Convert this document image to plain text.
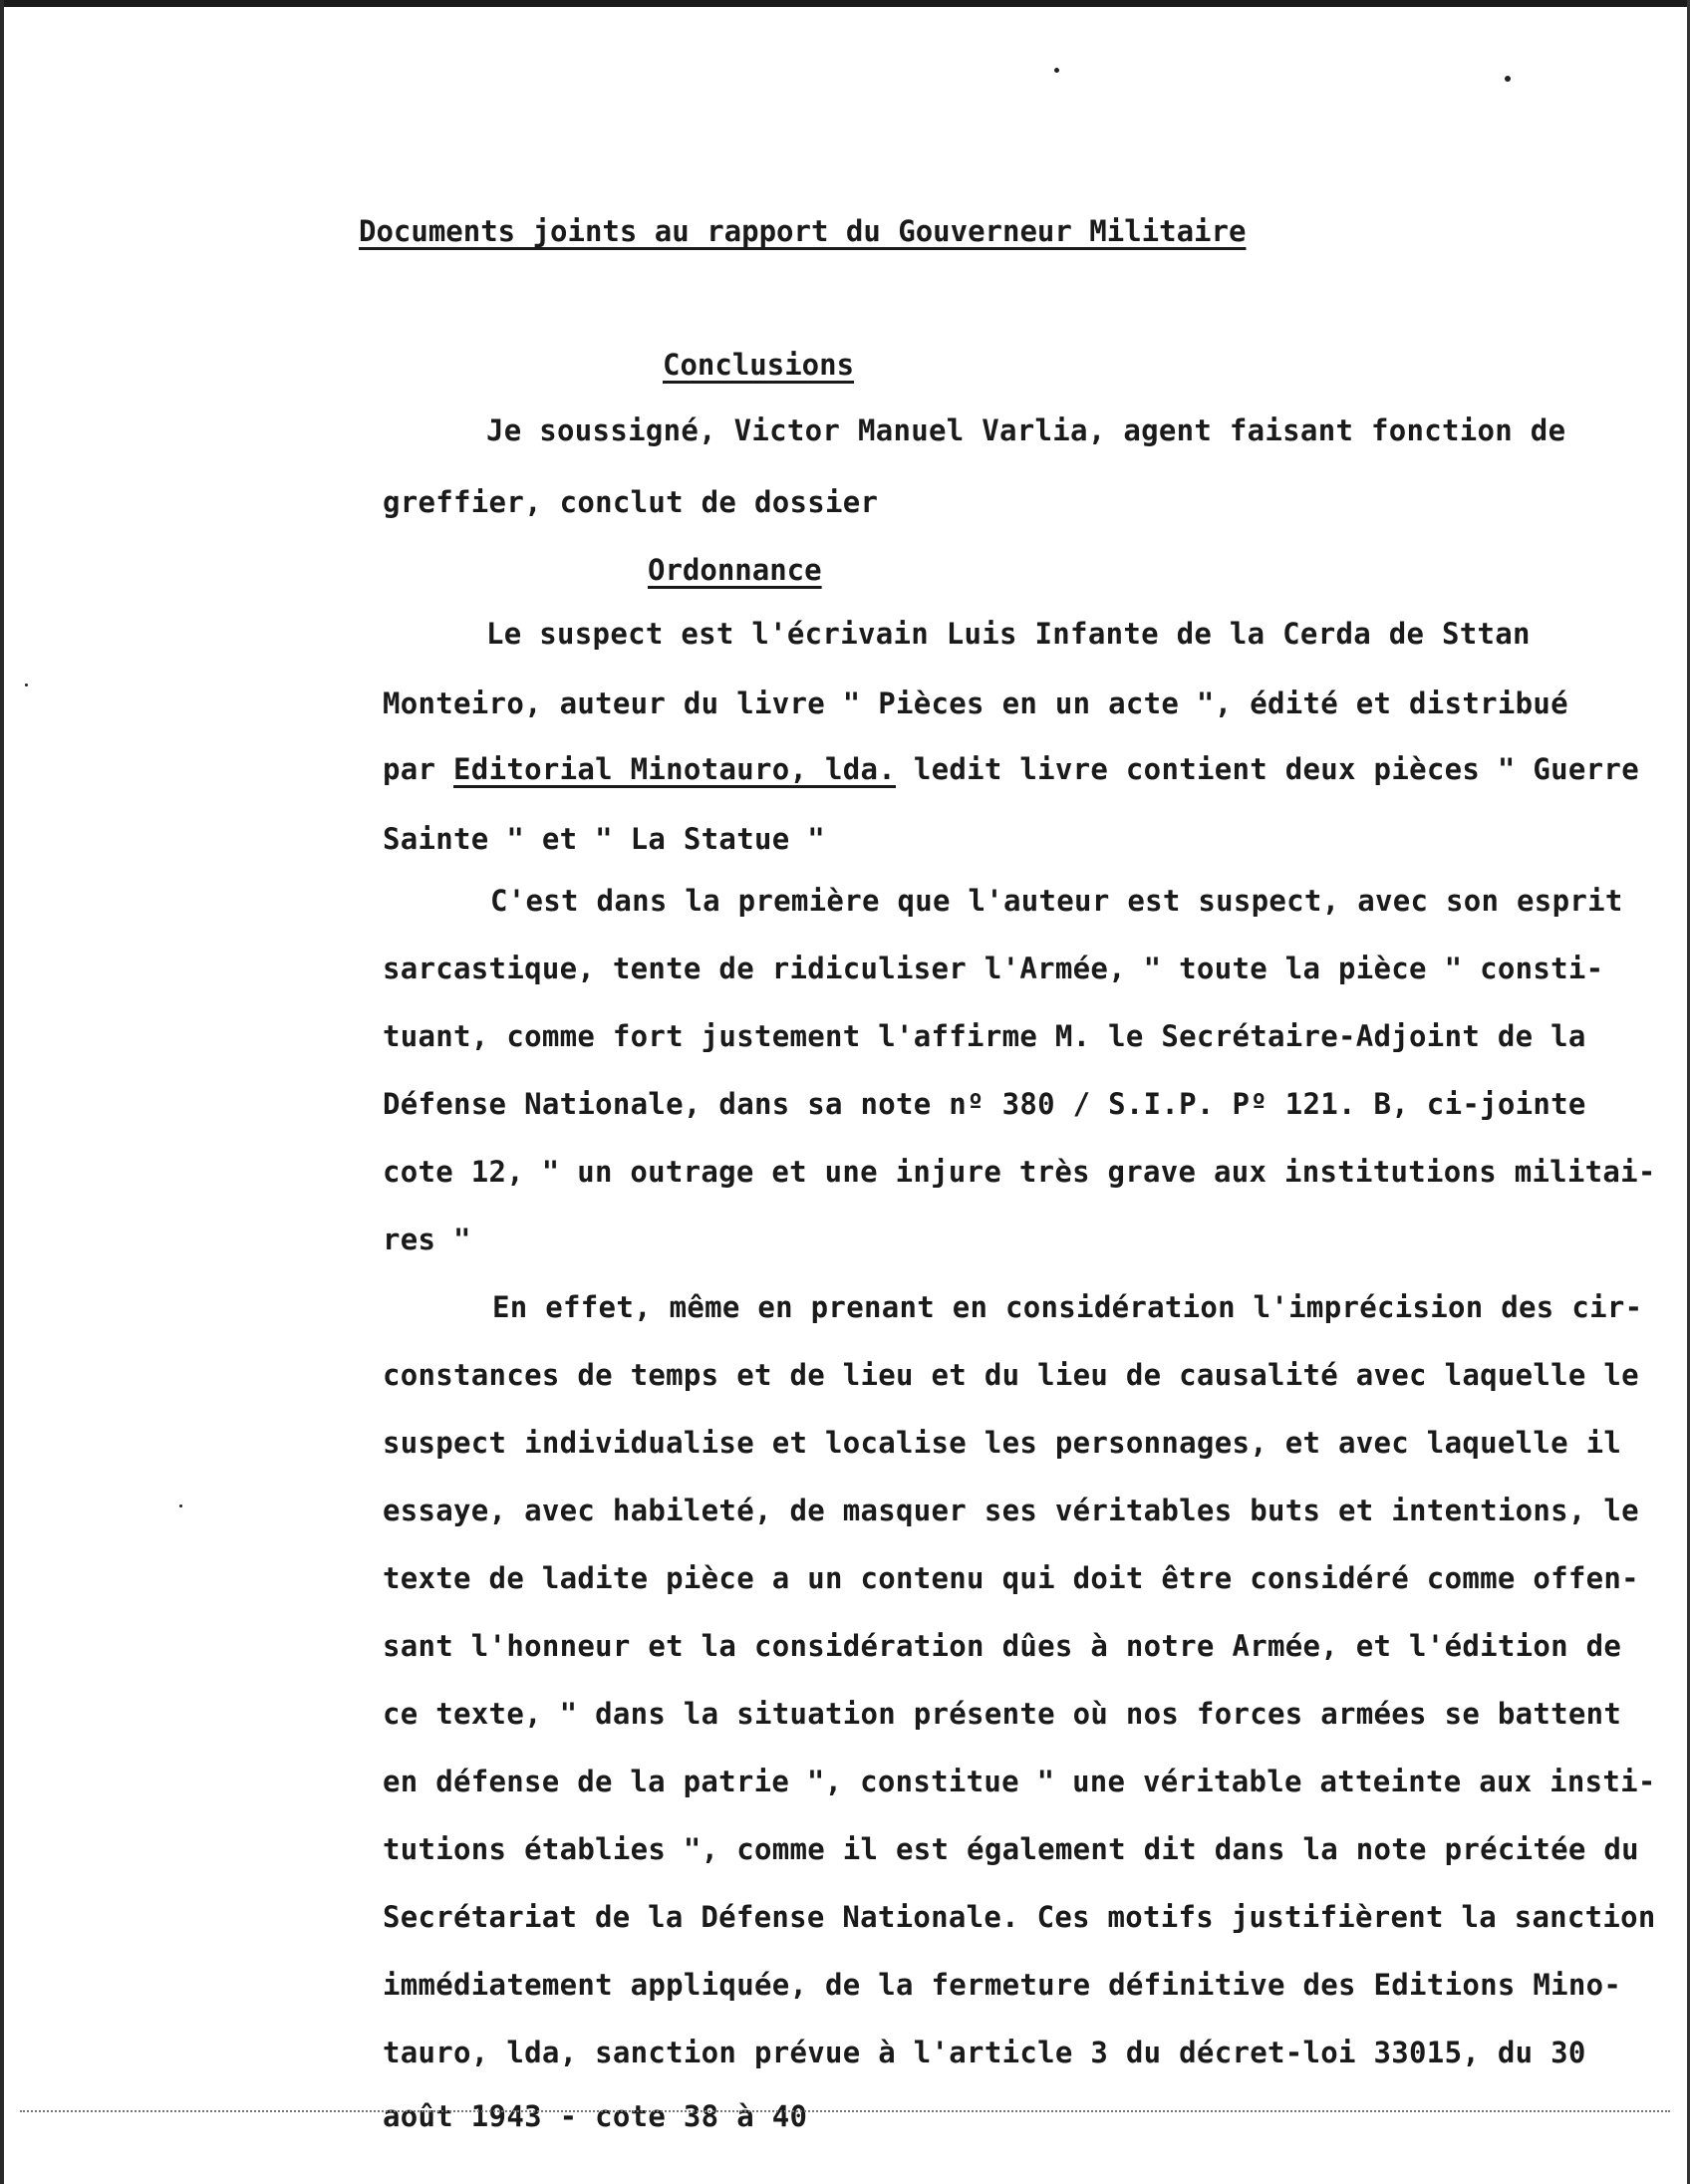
Documents joints au rapport du Gouverneur Militaire
Conclusions

Je soussigné, Victor Manuel Varlia, agent faisant fonction de

greffier, conclut de dossier

Ordonnance

Le suspect est l'écrivain Luis Infante de la Cerda de Sttan

Monteiro, auteur du livre " Pièces en un acte ", édité et distribué

par Editorial Minotauro, lda. ledit livre contient deux pièces " Guerre

Sainte " et " La Statue "

C'est dans la première que l'auteur est suspect, avec son esprit

sarcastique, tente de ridiculiser l'Armée, " toute la pièce " consti-

tuant, comme fort justement l'affirme M. le Secrétaire-Adjoint de la

Défense Nationale, dans sa note nº 380 / S.I.P. Pº 121. B, ci-jointe

cote 12, " un outrage et une injure très grave aux institutions militai-

res "

En effet, même en prenant en considération l'imprécision des cir-

constances de temps et de lieu et du lieu de causalité avec laquelle le

suspect individualise et localise les personnages, et avec laquelle il

essaye, avec habileté, de masquer ses véritables buts et intentions, le

texte de ladite pièce a un contenu qui doit être considéré comme offen-

sant l'honneur et la considération dûes à notre Armée, et l'édition de

ce texte, " dans la situation présente où nos forces armées se battent

en défense de la patrie ", constitue " une véritable atteinte aux insti-

tutions établies ", comme il est également dit dans la note précitée du

Secrétariat de la Défense Nationale. Ces motifs justifièrent la sanction

immédiatement appliquée, de la fermeture définitive des Editions Mino-

tauro, lda, sanction prévue à l'article 3 du décret-loi 33015, du 30

août 1943 - cote 38 à 40
